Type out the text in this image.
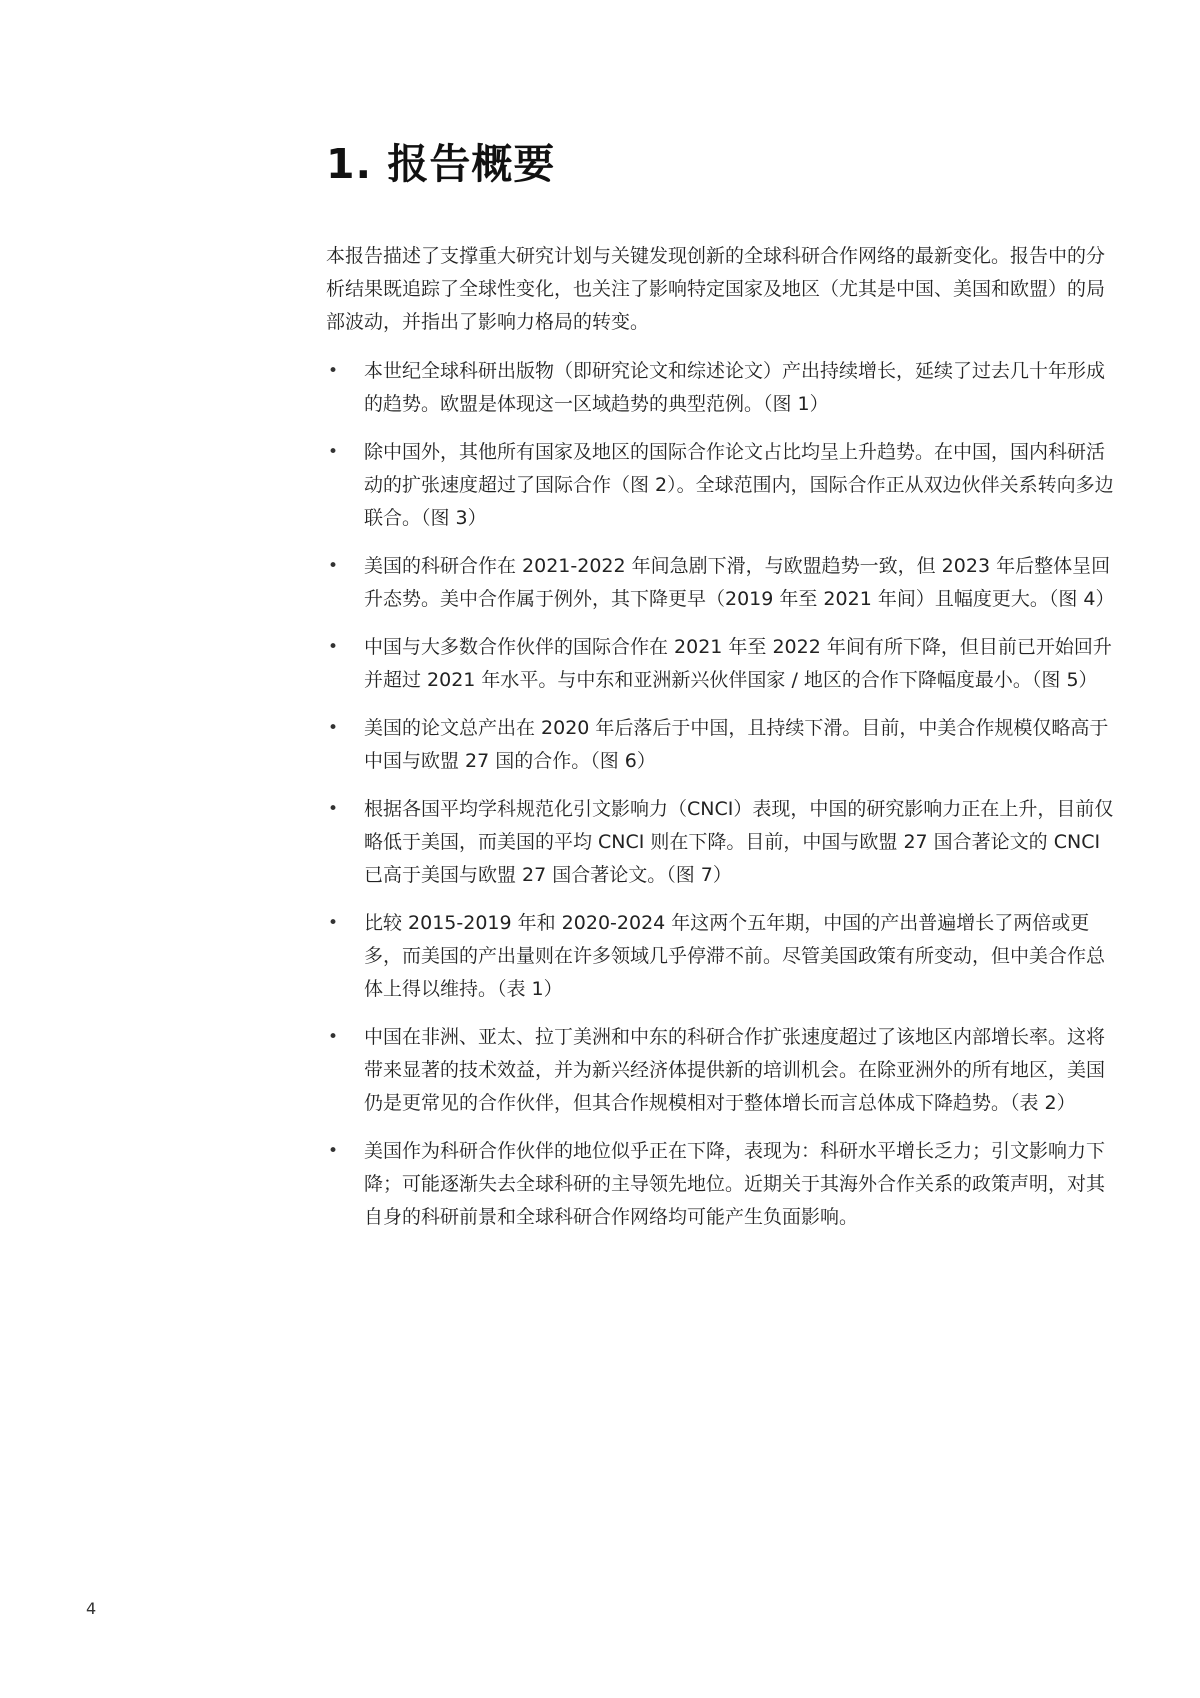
1. 报告概要

本报告描述了支撑重大研究计划与关键发现创新的全球科研合作网络的最新变化。报告中的分析结果既追踪了全球性变化，也关注了影响特定国家及地区（尤其是中国、美国和欧盟）的局部波动，并指出了影响力格局的转变。

•	本世纪全球科研出版物（即研究论文和综述论文）产出持续增长，延续了过去几十年形成的趋势。欧盟是体现这一区域趋势的典型范例。（图 1）
•	除中国外，其他所有国家及地区的国际合作论文占比均呈上升趋势。在中国，国内科研活动的扩张速度超过了国际合作（图 2）。全球范围内，国际合作正从双边伙伴关系转向多边联合。（图 3）
•	美国的科研合作在 2021-2022 年间急剧下滑，与欧盟趋势一致，但 2023 年后整体呈回升态势。美中合作属于例外，其下降更早（2019 年至 2021 年间）且幅度更大。（图 4）
•	中国与大多数合作伙伴的国际合作在 2021 年至 2022 年间有所下降，但目前已开始回升并超过 2021 年水平。与中东和亚洲新兴伙伴国家 / 地区的合作下降幅度最小。（图 5）
•	美国的论文总产出在 2020 年后落后于中国，且持续下滑。目前，中美合作规模仅略高于中国与欧盟 27 国的合作。（图 6）
•	根据各国平均学科规范化引文影响力（CNCI）表现，中国的研究影响力正在上升，目前仅略低于美国，而美国的平均 CNCI 则在下降。目前，中国与欧盟 27 国合著论文的 CNCI 已高于美国与欧盟 27 国合著论文。（图 7）
•	比较 2015-2019 年和 2020-2024 年这两个五年期，中国的产出普遍增长了两倍或更多，而美国的产出量则在许多领域几乎停滞不前。尽管美国政策有所变动，但中美合作总体上得以维持。（表 1）
•	中国在非洲、亚太、拉丁美洲和中东的科研合作扩张速度超过了该地区内部增长率。这将带来显著的技术效益，并为新兴经济体提供新的培训机会。在除亚洲外的所有地区，美国仍是更常见的合作伙伴，但其合作规模相对于整体增长而言总体成下降趋势。（表 2）
•	美国作为科研合作伙伴的地位似乎正在下降，表现为：科研水平增长乏力；引文影响力下降；可能逐渐失去全球科研的主导领先地位。近期关于其海外合作关系的政策声明，对其自身的科研前景和全球科研合作网络均可能产生负面影响。
4
